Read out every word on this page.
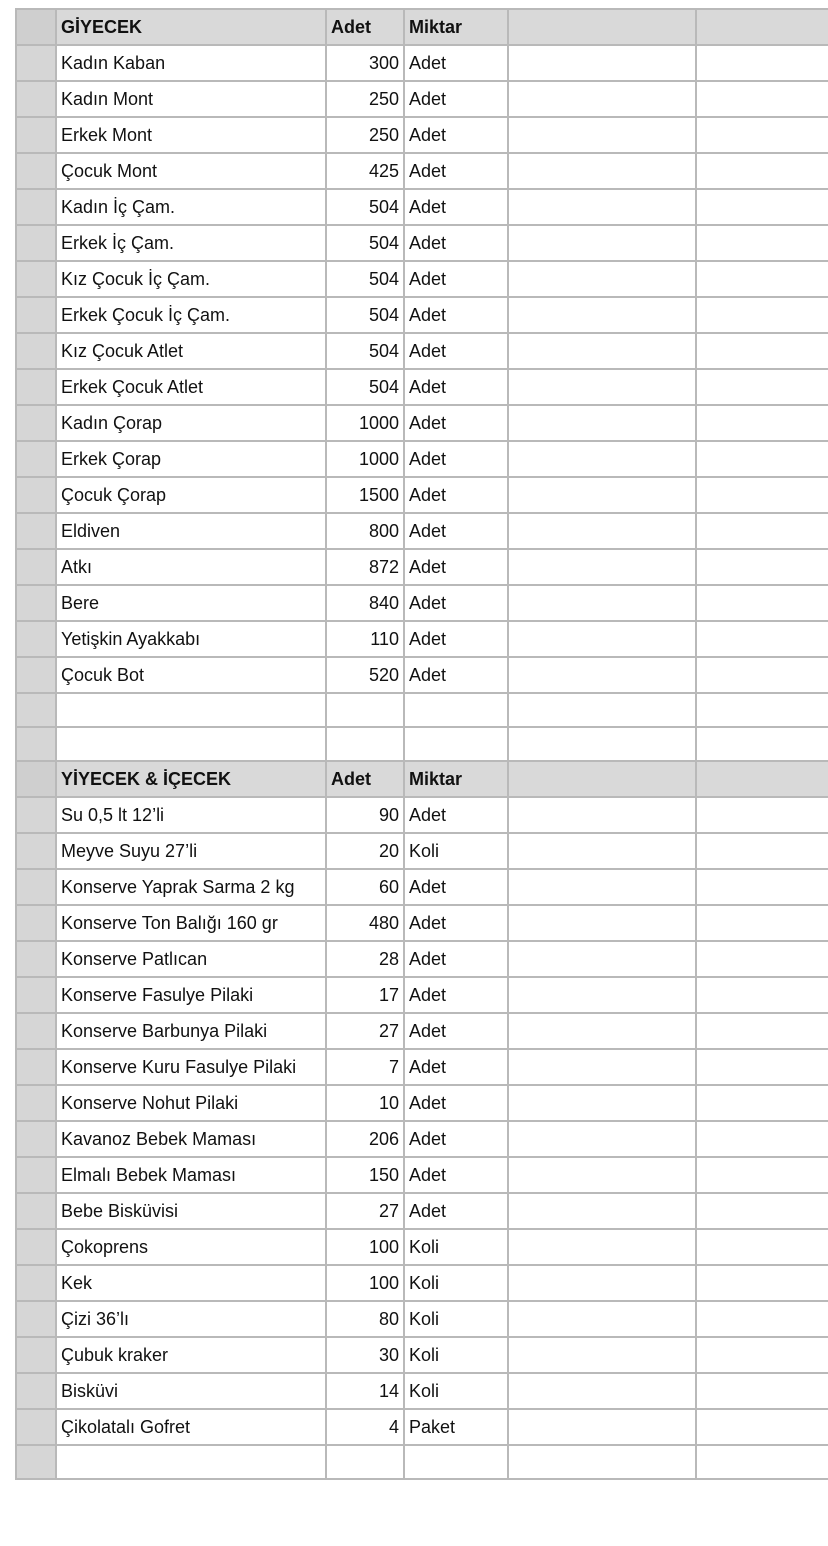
	GİYECEK	Adet	Miktar		
	Kadın Kaban	300	Adet		
	Kadın Mont	250	Adet		
	Erkek Mont	250	Adet		
	Çocuk Mont	425	Adet		
	Kadın İç Çam.	504	Adet		
	Erkek İç Çam.	504	Adet		
	Kız Çocuk İç Çam.	504	Adet		
	Erkek Çocuk İç Çam.	504	Adet		
	Kız Çocuk Atlet	504	Adet		
	Erkek Çocuk Atlet	504	Adet		
	Kadın Çorap	1000	Adet		
	Erkek Çorap	1000	Adet		
	Çocuk Çorap	1500	Adet		
	Eldiven	800	Adet		
	Atkı	872	Adet		
	Bere	840	Adet		
	Yetişkin Ayakkabı	110	Adet		
	Çocuk Bot	520	Adet		

	YİYECEK & İÇECEK	Adet	Miktar		
	Su 0,5 lt 12’li	90	Adet		
	Meyve Suyu 27’li	20	Koli		
	Konserve Yaprak Sarma 2 kg	60	Adet		
	Konserve Ton Balığı 160 gr	480	Adet		
	Konserve Patlıcan	28	Adet		
	Konserve Fasulye Pilaki	17	Adet		
	Konserve Barbunya Pilaki	27	Adet		
	Konserve Kuru Fasulye Pilaki	7	Adet		
	Konserve Nohut Pilaki	10	Adet		
	Kavanoz Bebek Maması	206	Adet		
	Elmalı Bebek Maması	150	Adet		
	Bebe Bisküvisi	27	Adet		
	Çokoprens	100	Koli		
	Kek	100	Koli		
	Çizi 36’lı	80	Koli		
	Çubuk kraker	30	Koli		
	Bisküvi	14	Koli		
	Çikolatalı Gofret	4	Paket		
